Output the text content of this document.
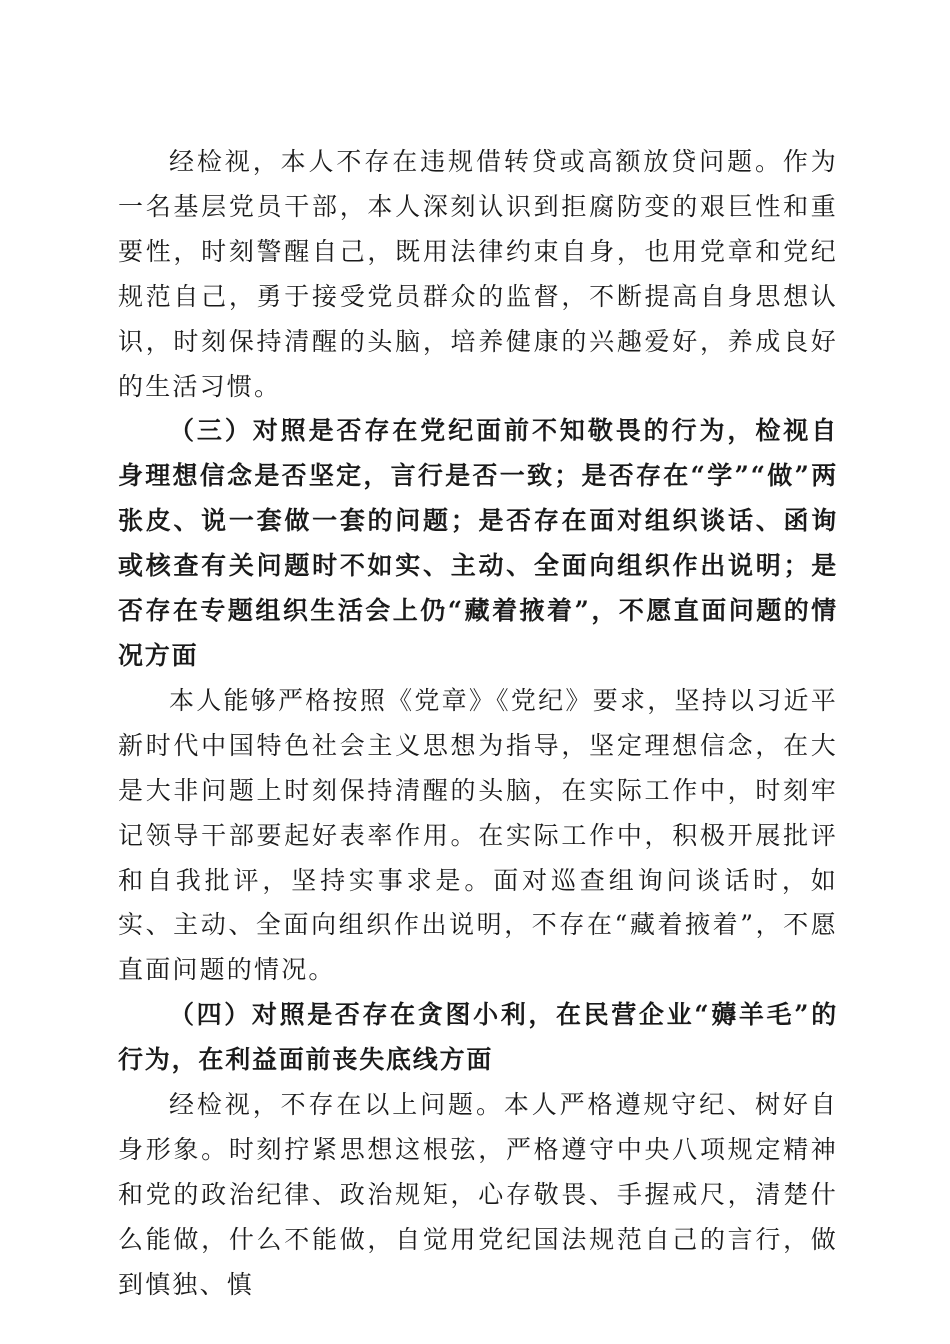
经检视，本人不存在违规借转贷或高额放贷问题。作为一名基层党员干部，本人深刻认识到拒腐防变的艰巨性和重要性，时刻警醒自己，既用法律约束自身，也用党章和党纪规范自己，勇于接受党员群众的监督，不断提高自身思想认识，时刻保持清醒的头脑，培养健康的兴趣爱好，养成良好的生活习惯。

（三）对照是否存在党纪面前不知敬畏的行为，检视自身理想信念是否坚定，言行是否一致；是否存在“学”“做”两张皮、说一套做一套的问题；是否存在面对组织谈话、函询或核查有关问题时不如实、主动、全面向组织作出说明；是否存在专题组织生活会上仍“藏着掖着”，不愿直面问题的情况方面

本人能够严格按照《党章》《党纪》要求，坚持以习近平新时代中国特色社会主义思想为指导，坚定理想信念，在大是大非问题上时刻保持清醒的头脑，在实际工作中，时刻牢记领导干部要起好表率作用。在实际工作中，积极开展批评和自我批评，坚持实事求是。面对巡查组询问谈话时，如实、主动、全面向组织作出说明，不存在“藏着掖着”，不愿直面问题的情况。

（四）对照是否存在贪图小利，在民营企业“薅羊毛”的行为，在利益面前丧失底线方面

经检视，不存在以上问题。本人严格遵规守纪、树好自身形象。时刻拧紧思想这根弦，严格遵守中央八项规定精神和党的政治纪律、政治规矩，心存敬畏、手握戒尺，清楚什么能做，什么不能做，自觉用党纪国法规范自己的言行，做到慎独、慎
